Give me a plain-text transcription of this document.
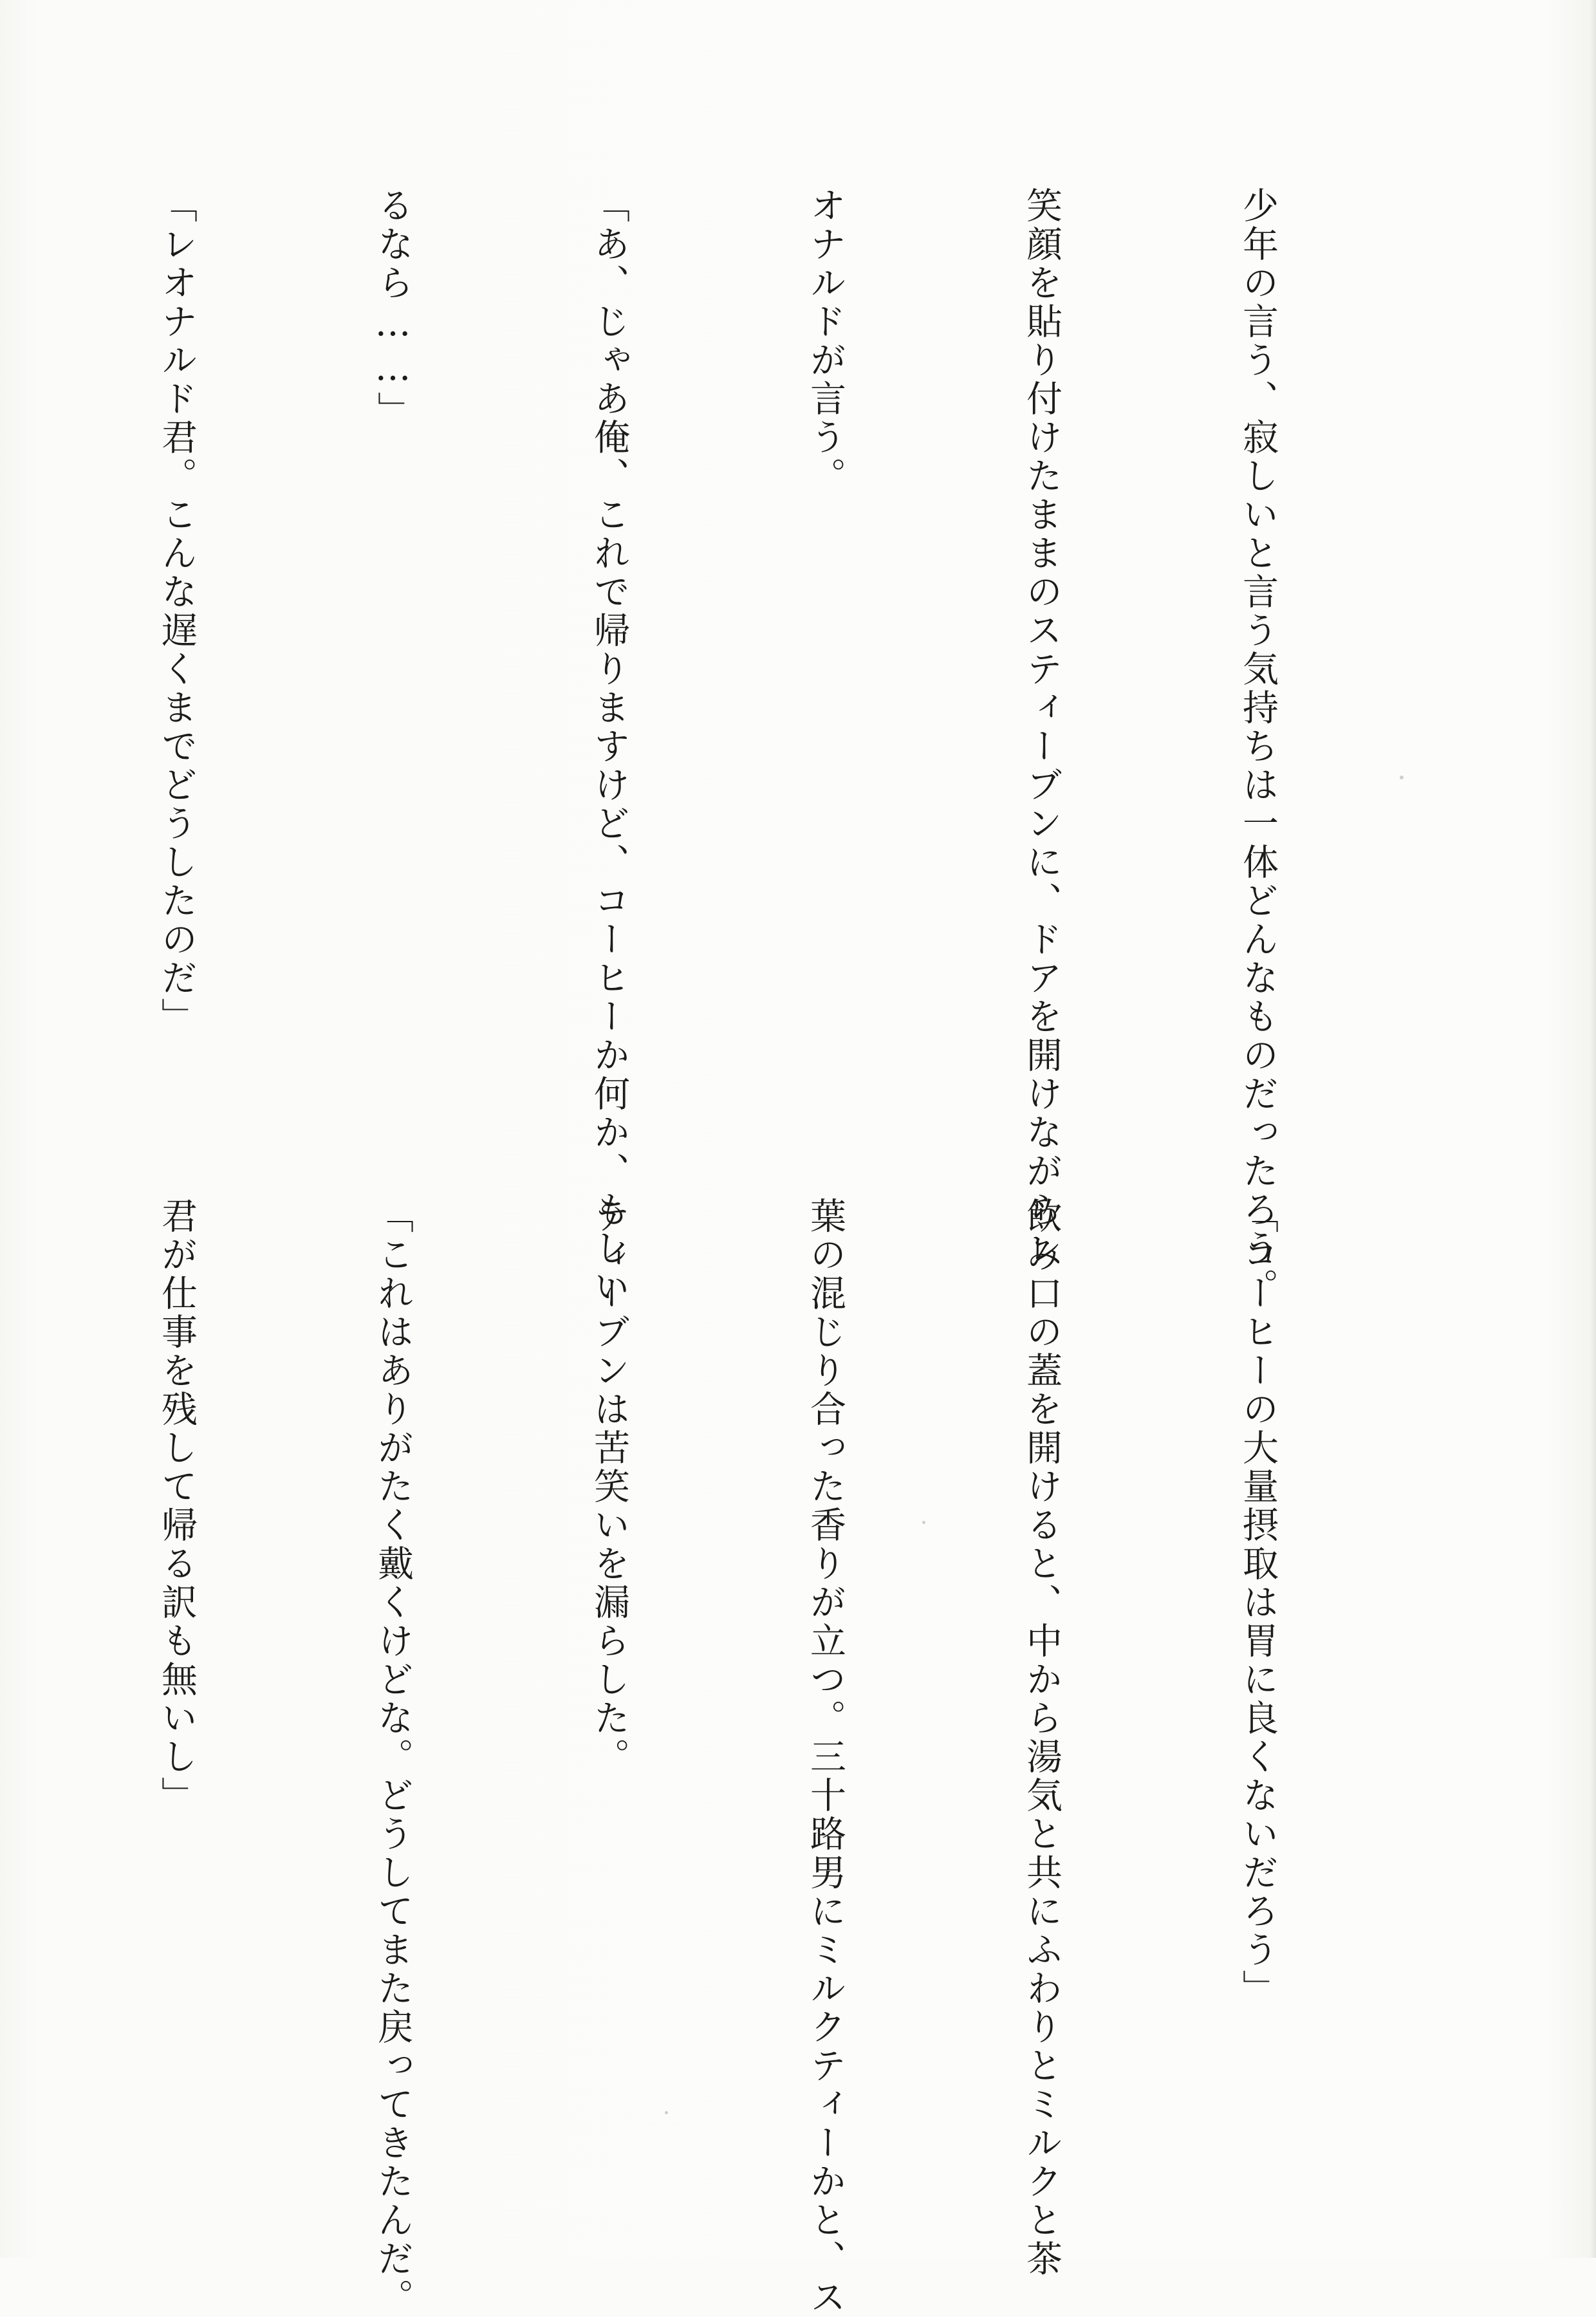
少年の言う、寂しいと言う気持ちは一体どんなものだったろう。

笑顔を貼り付けたままのスティーブンに、ドアを開けながらレ

オナルドが言う。

「あ、じゃあ俺、これで帰りますけど、コーヒーか何か、もしい

るなら……」

「レオナルド君。こんな遅くまでどうしたのだ」

「コーヒーの大量摂取は胃に良くないだろう」

飲み口の蓋を開けると、中から湯気と共にふわりとミルクと茶

葉の混じり合った香りが立つ。三十路男にミルクティーかと、ス

ティーブンは苦笑いを漏らした。

「これはありがたく戴くけどな。どうしてまた戻ってきたんだ。

君が仕事を残して帰る訳も無いし」
